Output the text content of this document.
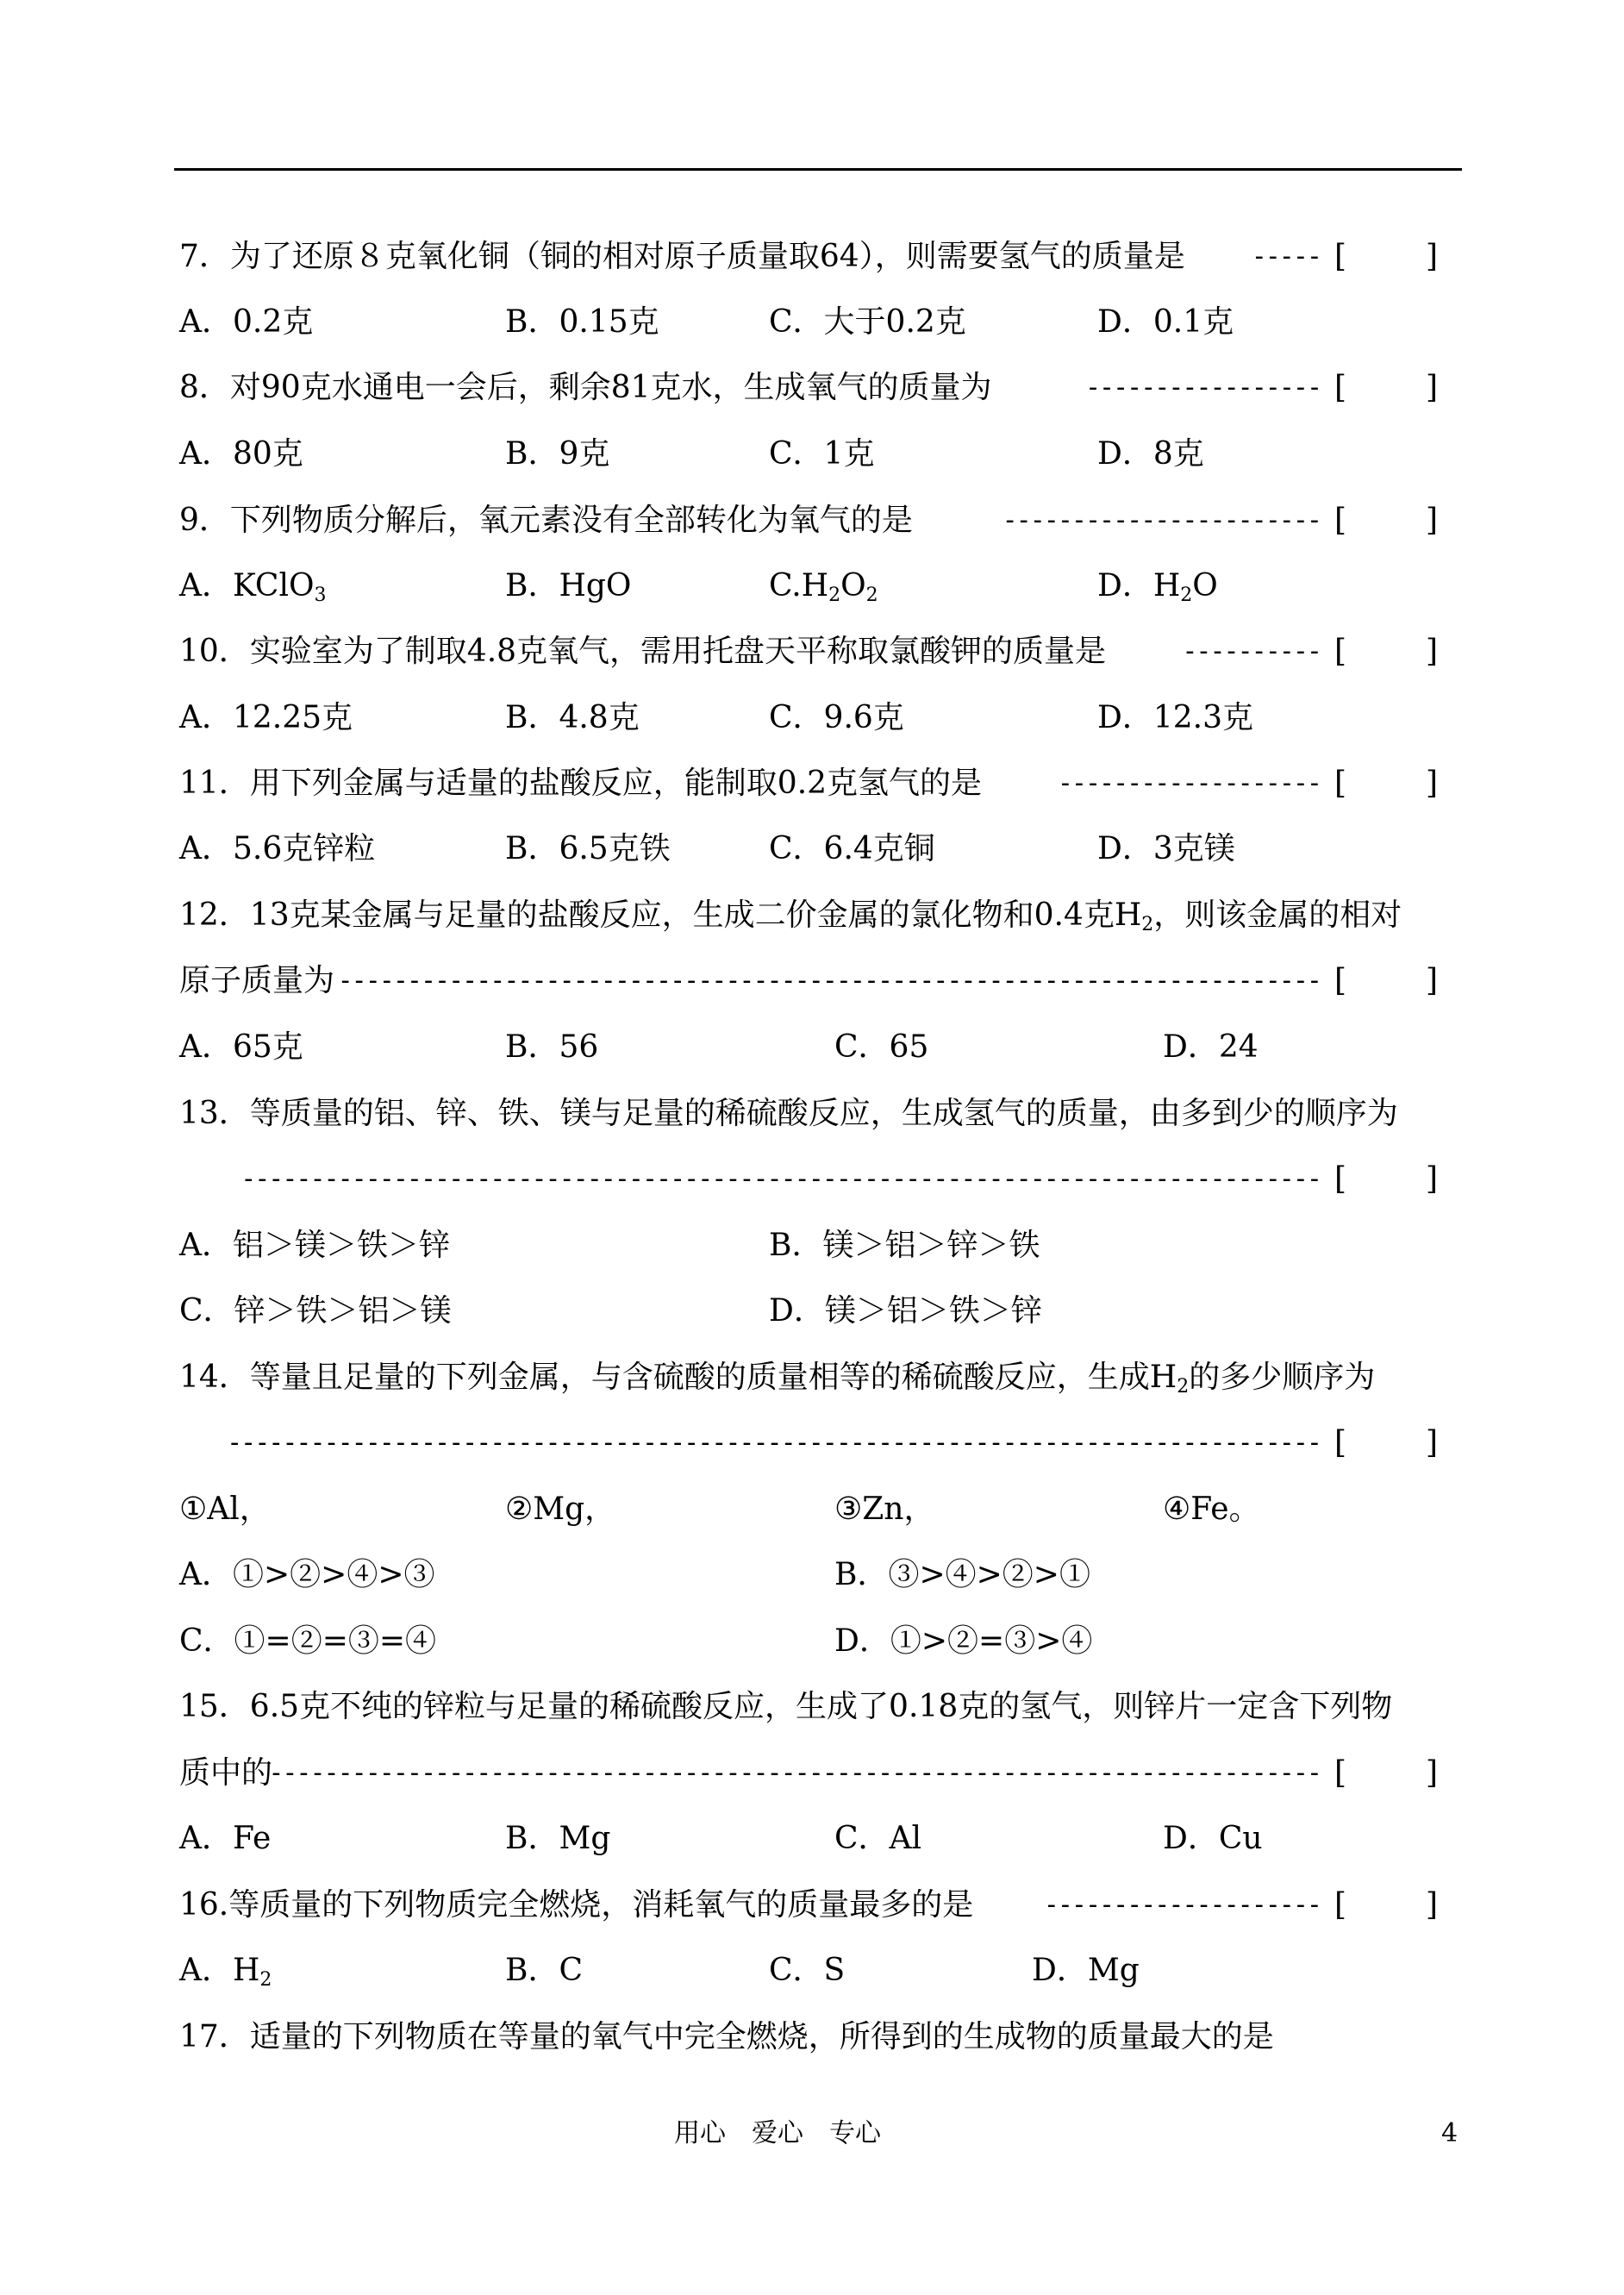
7．为了还原８克氧化铜（铜的相对原子质量取64），则需要氢气的质量是	----- [	]
A．0.2克	B．0.15克	C．大于0.2克	D．0.1克
8．对90克水通电一会后，剩余81克水，生成氧气的质量为	----------------- [	]
A．80克	B．9克	C．1克	D．8克
9．下列物质分解后，氧元素没有全部转化为氧气的是	----------------------- [	]
A．KClO$_3$	B．HgO	$C.H_2O_2$	D．$H_2O$
10．实验室为了制取4.8克氧气，需用托盘天平称取氯酸钾的质量是	---------- [	]
A．12.25克	B．4.8克	C．9.6克	D．12.3克
11．用下列金属与适量的盐酸反应，能制取0.2克氢气的是	------------------- [	]
A．5.6克锌粒	B．6.5克铁	C．6.4克铜	D．3克镁
12．13克某金属与足量的盐酸反应，生成二价金属的氯化物和0.4克$H_2$，则该金属的相对
原子质量为 ----------------------------------------------------------------------- [	]
A．65克	B．56	C．65	D．24
13．等质量的铝、锌、铁、镁与足量的稀硫酸反应，生成氢气的质量，由多到少的顺序为
------------------------------------------------------------------------------ [	]
A．铝＞镁＞铁＞锌	B．镁＞铝＞锌＞铁
C．锌＞铁＞铝＞镁	D．镁＞铝＞铁＞锌
14．等量且足量的下列金属，与含硫酸的质量相等的稀硫酸反应，生成$H_2$的多少顺序为
------------------------------------------------------------------------------- [	]
①Al，	②Mg，	③Zn，	④Fe。
A．①>②>④>③	B．③>④>②>①
C．①=②=③=④	D．①>②=③>④
15．6.5克不纯的锌粒与足量的稀硫酸反应，生成了0.18克的氢气，则锌片一定含下列物
质中的
---------------------------------------------------------------------------- [	]
A．Fe	B．Mg	C．Al	D．Cu
16.等质量的下列物质完全燃烧，消耗氧气的质量最多的是	-------------------- [	]
A．$H_2$	B．C	C．S	D．Mg
17．适量的下列物质在等量的氧气中完全燃烧，所得到的生成物的质量最大的是
用心　爱心　专心	4
